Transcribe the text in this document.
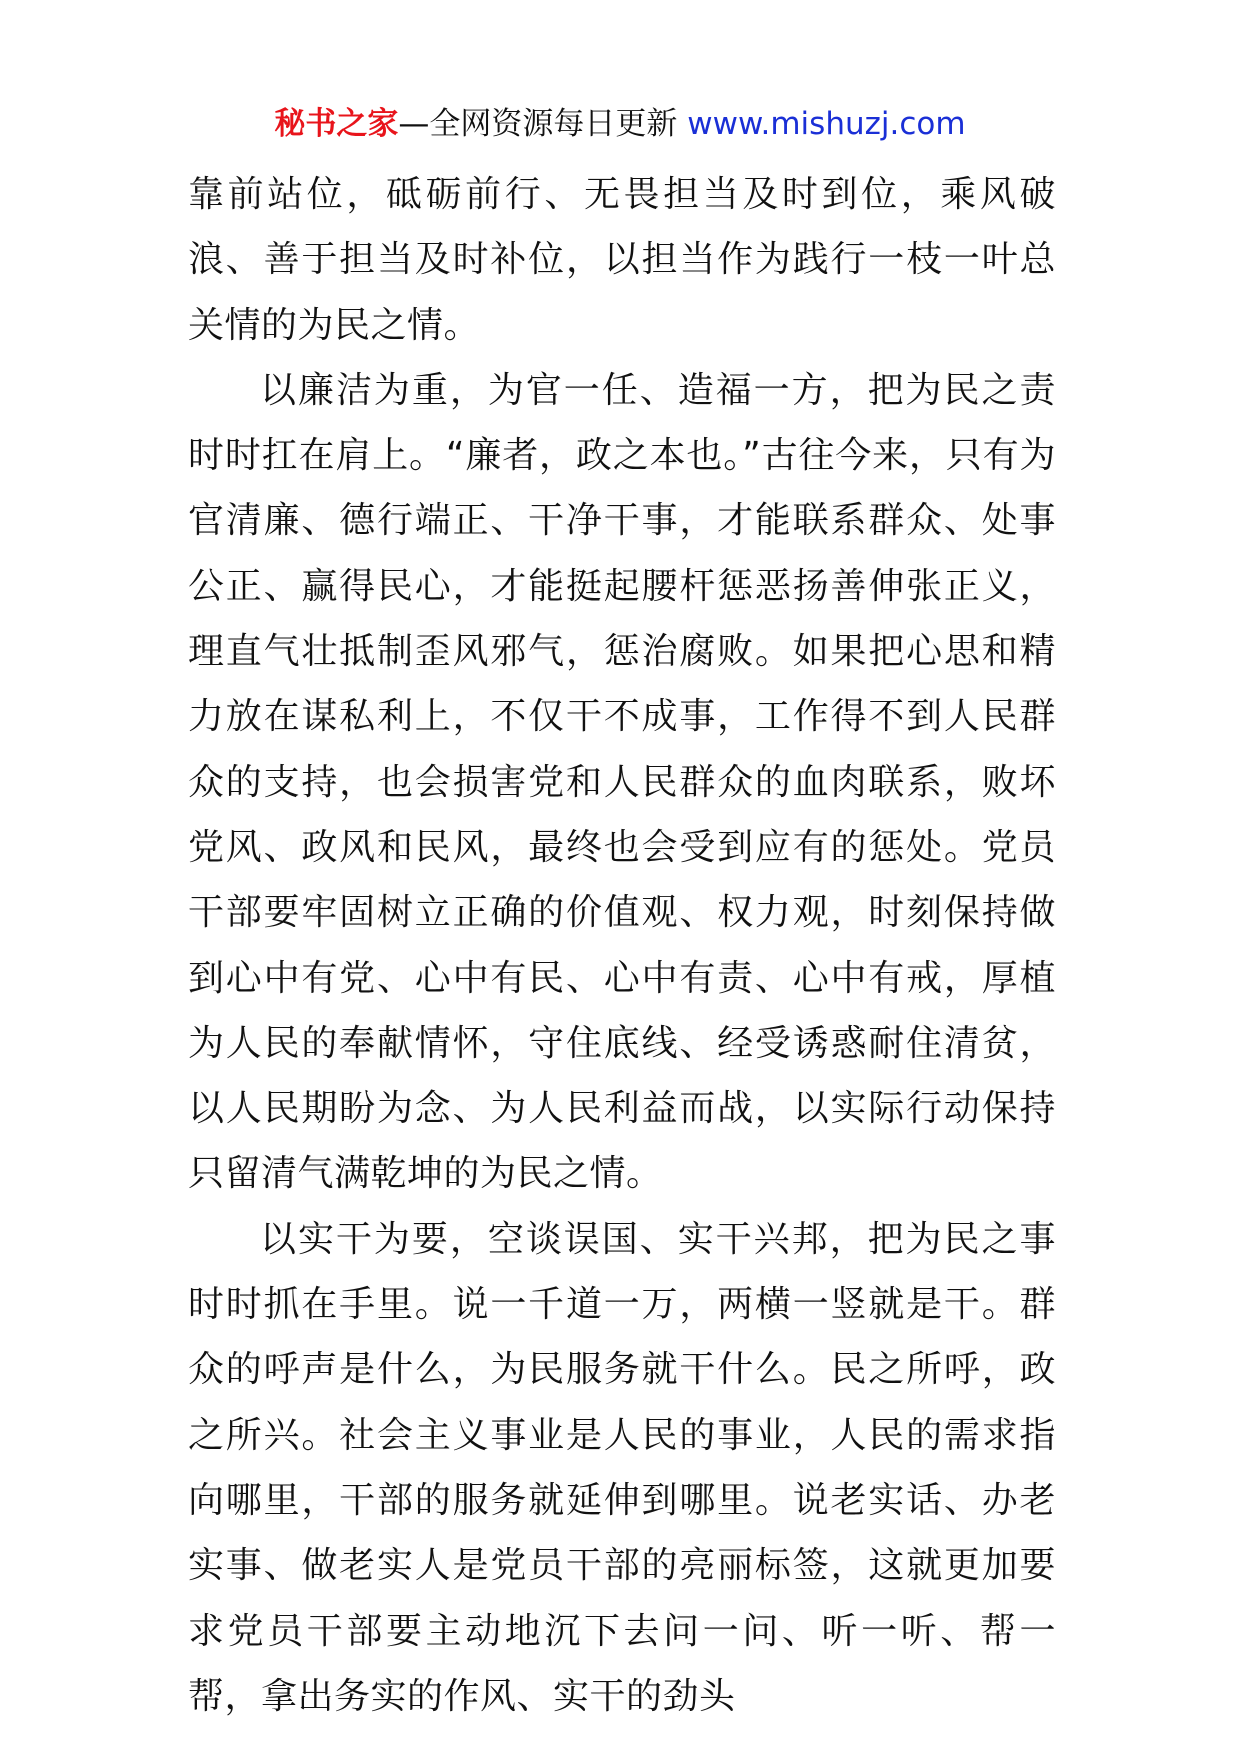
秘书之家—全网资源每日更新 www.mishuzj.com

靠前站位，砥砺前行、无畏担当及时到位，乘风破浪、善于担当及时补位，以担当作为践行一枝一叶总关情的为民之情。

以廉洁为重，为官一任、造福一方，把为民之责时时扛在肩上。“廉者，政之本也。”古往今来，只有为官清廉、德行端正、干净干事，才能联系群众、处事公正、赢得民心，才能挺起腰杆惩恶扬善伸张正义，理直气壮抵制歪风邪气，惩治腐败。如果把心思和精力放在谋私利上，不仅干不成事，工作得不到人民群众的支持，也会损害党和人民群众的血肉联系，败坏党风、政风和民风，最终也会受到应有的惩处。党员干部要牢固树立正确的价值观、权力观，时刻保持做到心中有党、心中有民、心中有责、心中有戒，厚植为人民的奉献情怀，守住底线、经受诱惑耐住清贫，以人民期盼为念、为人民利益而战，以实际行动保持只留清气满乾坤的为民之情。

以实干为要，空谈误国、实干兴邦，把为民之事时时抓在手里。说一千道一万，两横一竖就是干。群众的呼声是什么，为民服务就干什么。民之所呼，政之所兴。社会主义事业是人民的事业，人民的需求指向哪里，干部的服务就延伸到哪里。说老实话、办老实事、做老实人是党员干部的亮丽标签，这就更加要求党员干部要主动地沉下去问一问、听一听、帮一帮，拿出务实的作风、实干的劲头
